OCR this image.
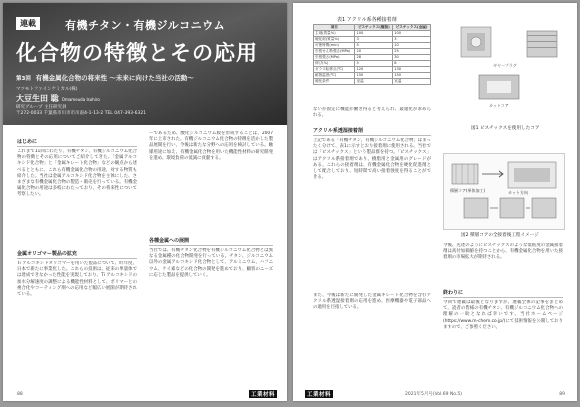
連載	有機チタン・有機ジルコニウム
化合物の特徴とその応用
第3回 有機金属化合物の将来性 〜未来に向けた当社の活動〜
マツモトファインケミカル(株)
大豆生田 聡 Omameuda Isohiro
研究グループ 主任研究員
〒272-0033 千葉県市川市市川南4-1-13-2 TEL 047-393-6321
はじめに
これまで11回にわたり、有機チタン、有機ジルコニウム化合物の特徴とその応用についてご紹介してきた。「金属アルコキシド化合物」と「金属キレート化合物」などの観点から述べるとともに、これら有機金属化合物の用途、対する物質も紹介した。当社は金属アルコキシド化合物を主体にした、さまざまな有機金属化合物の製造・販売を行っている。有機金属化合物の用途は多岐にわたっており、その将来性について考察したい。
金属オリゴマー製品の拡充
Ti アルコキシドオリゴマーを用いた製品について、昨年度、日本で新たに事業化した。これらの技術は、従来の単量体では達成できなかった性能を実現しており、Ti アルコキシドの加水分解速度の調整による機能性材料として、ポリマーとの複合化やコーティング剤への応用など幅広い展開が期待されている。
ーであるため、酸化ジルコニウム膜を形成することは、2007 年に上市された。有機ジルコニウム化合物の特徴を活かした製品展開を行い、今後は新たな分野への応用を検討している。触媒用途に加え、有機金属化合物を用いた機能性材料の研究開発を進め、環境負荷の低減に貢献する。
各種金属への展開
当社では、有機チタン化合物を有機ジルコニウム化合物とは異なる金属種の化合物開発を行っている。チタン、ジルコニウム以外の金属アルコキシド化合物として、アルミニウム、ハフニウム、ケイ素などの化合物の開発を進めており、顧客のニーズに応じた製品を提供していく。
88	工業材料
表1 アクリル系各種接着剤
項目	ピスチックス(樹脂)	ピスチックス(金属)
主剤(質量%)	100	100
硬化剤(質量%)	3	3
可使時間(min)	5	10
引張せん断強さ(MPa)	20	25
引張強さ(MPa)	28	30
伸び(%)	5	8
ガラス転移点(℃)	120	130
耐熱温度(℃)	150	150
硬化条件	室温	室温
ないが固定に機能が働き得ると考えられ、最適化が求められる。
アクリル系透湿接着剤
上記である「有機チタン、有機ジルコニウム化合物」はまったく分けて、表1に示すとおり接着剤に使用される。当社では「ピスチックス」という製品群を持つ。「ピスチックス」はアクリル系接着剤であり、樹脂用と金属用のグレードがある。これらの接着剤は、有機金属化合物を硬化促進剤として配合しており、短時間で高い接着強度を得ることができる。
また、今後は新たに開発した金属キレート化合物を含むアクリル系透湿接着剤の応用を進め、医療機器や電子部品への適用を目指している。
ギヤープラグ
カットコア
図1 ピスチックスを使用したコア
積層コア(単体加工)	カット方向
図2 積層コアの全接着後工程イメージ
今後、先述のようにピスチックスのような低粘度の金属接着剤は高付加価値を持つことから、有機金属化合物を用いた接着剤の市場拡大が期待される。
終わりに
今回で連載は最後となりますが、連載全体の記事をまとめて、読者の皆様の有機チタン、有機ジルコニウム化合物への理解の一助となれば幸いです。当社ホームページ(https://www.m-chem.co.jp/)にて技術情報を公開しておりますので、ご参照ください。
2021年5月号(Vol.69 No.5)	89
工業材料
